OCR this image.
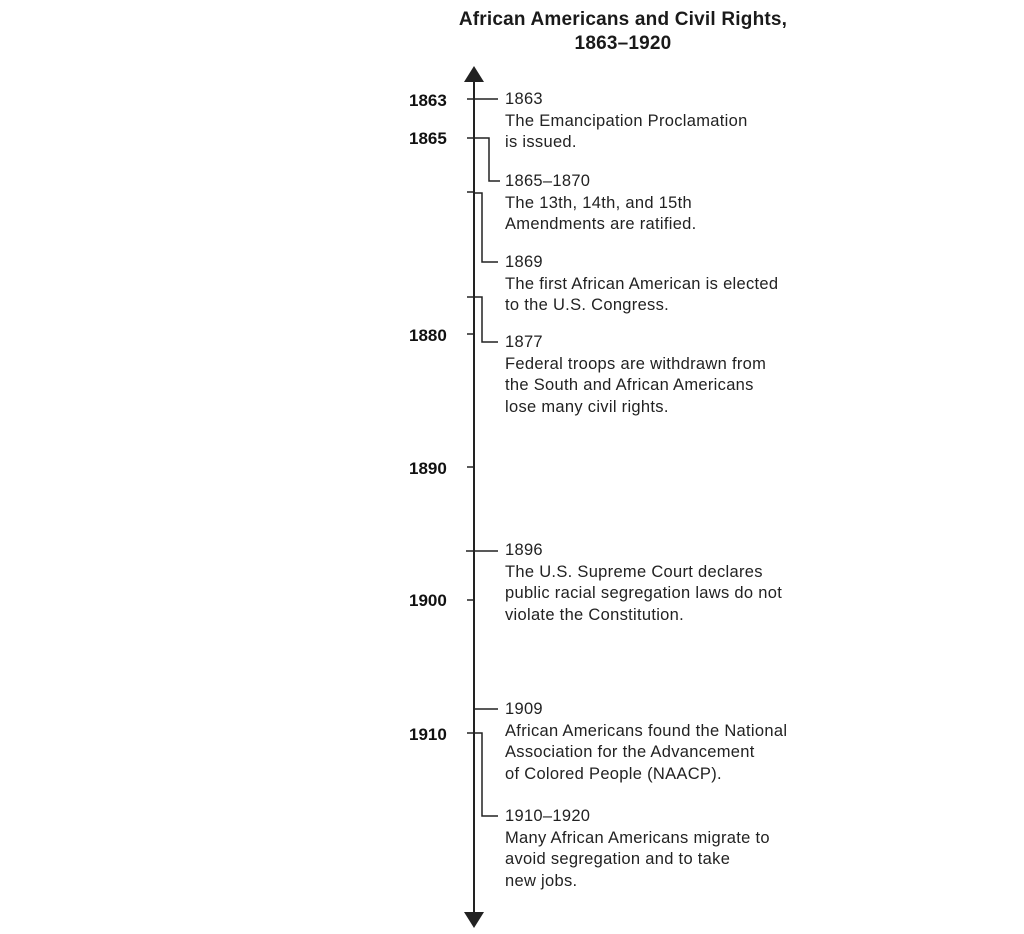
African Americans and Civil Rights,
1863–1920
1863
1865
1880
1890
1900
1910
1863
The Emancipation Proclamation
is issued.
1865–1870
The 13th, 14th, and 15th
Amendments are ratified.
1869
The first African American is elected
to the U.S. Congress.
1877
Federal troops are withdrawn from
the South and African Americans
lose many civil rights.
1896
The U.S. Supreme Court declares
public racial segregation laws do not
violate the Constitution.
1909
African Americans found the National
Association for the Advancement
of Colored People (NAACP).
1910–1920
Many African Americans migrate to
avoid segregation and to take
new jobs.
